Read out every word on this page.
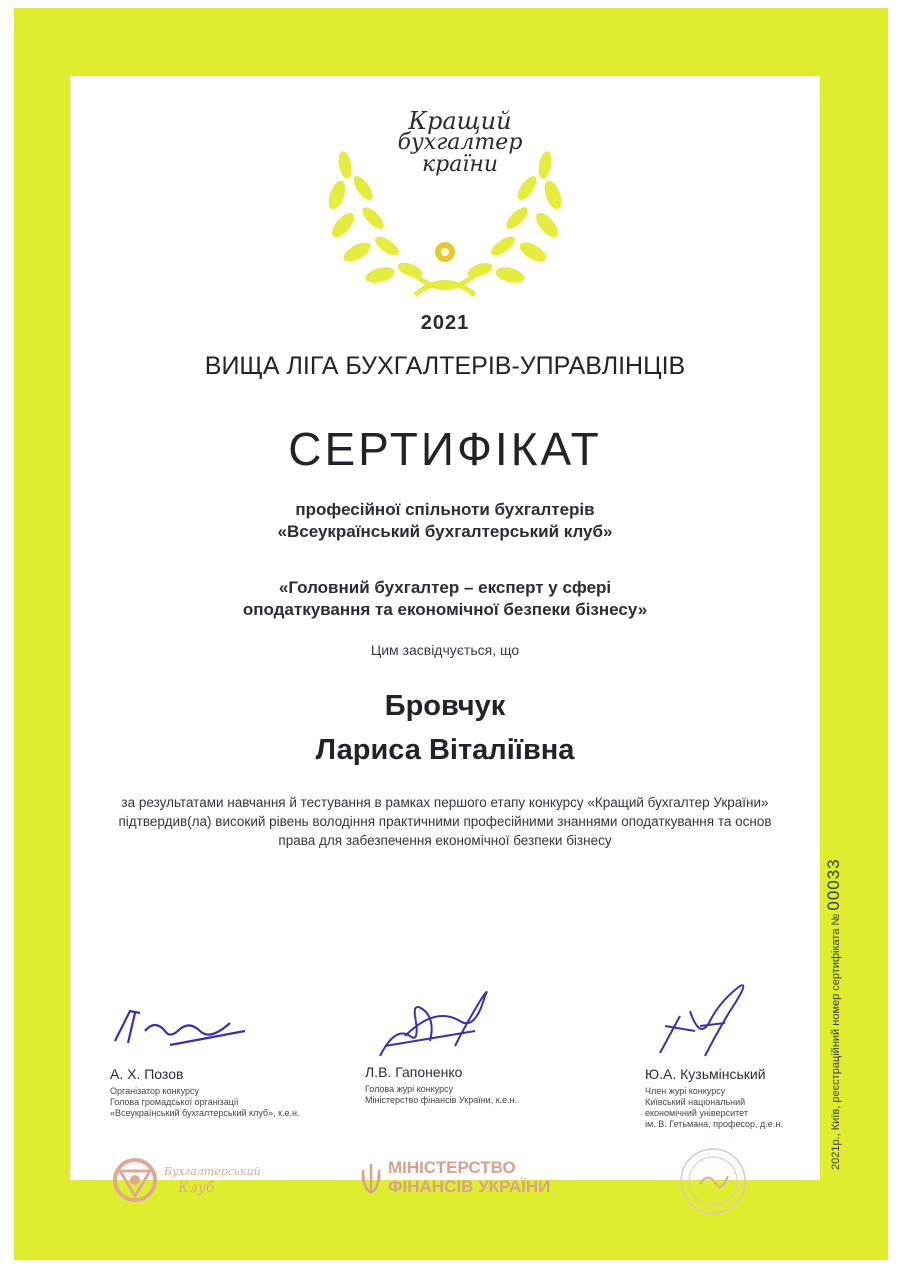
Кращий
бухгалтер
країни
2021
ВИЩА ЛІГА БУХГАЛТЕРІВ-УПРАВЛІНЦІВ
СЕРТИФІКАТ
професійної спільноти бухгалтерів
«Всеукраїнський бухгалтерський клуб»
«Головний бухгалтер – експерт у сфері
оподаткування та економічної безпеки бізнесу»
Цим засвідчується, що
Бровчук
Лариса Віталіївна
за результатами навчання й тестування в рамках першого етапу конкурсу «Кращий бухгалтер України» підтвердив(ла) високий рівень володіння практичними професійними знаннями оподаткування та основ права для забезпечення економічної безпеки бізнесу
А. Х. Позов
Організатор конкурсу
Голова громадської організації
«Всеукраїнський бухгалтерський клуб», к.е.н.
Л.В. Гапоненко
Голова журі конкурсу
Міністерство фінансів України, к.е.н.
Ю.А. Кузьмінський
Член журі конкурсу
Київський національний
економічний університет
ім. В. Гетьмана, професор, д.е.н.
Бухгалтерський
Клуб
МІНІСТЕРСТВО
ФІНАНСІВ УКРАЇНИ
2021р., Київ, реєстраційний номер сертифіката № 00033
